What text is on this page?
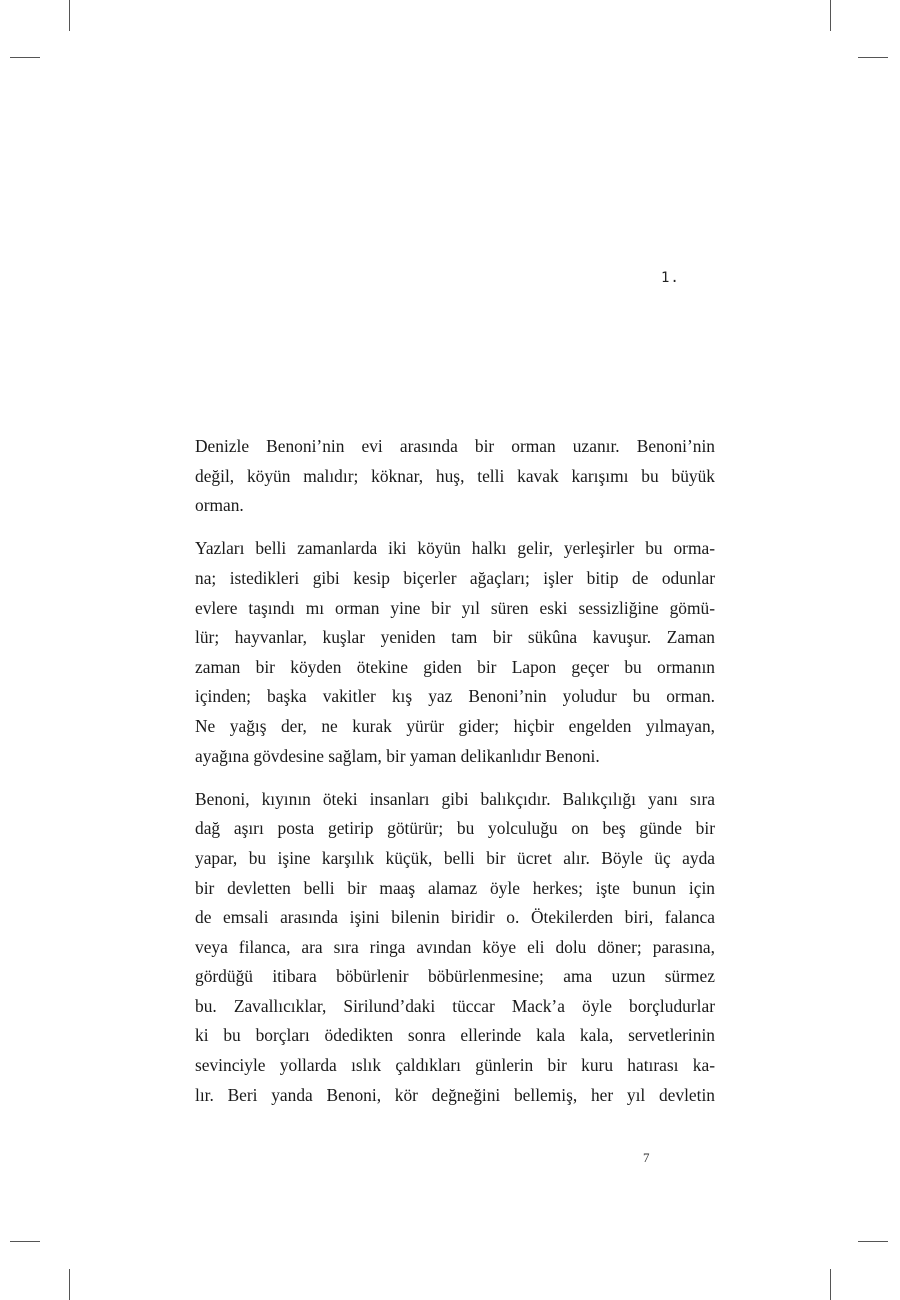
1.

Denizle Benoni’nin evi arasında bir orman uzanır. Benoni’nin
değil, köyün malıdır; köknar, huş, telli kavak karışımı bu büyük
orman.

Yazları belli zamanlarda iki köyün halkı gelir, yerleşirler bu orma-
na; istedikleri gibi kesip biçerler ağaçları; işler bitip de odunlar
evlere taşındı mı orman yine bir yıl süren eski sessizliğine gömü-
lür; hayvanlar, kuşlar yeniden tam bir sükûna kavuşur. Zaman
zaman bir köyden ötekine giden bir Lapon geçer bu ormanın
içinden; başka vakitler kış yaz Benoni’nin yoludur bu orman.
Ne yağış der, ne kurak yürür gider; hiçbir engelden yılmayan,
ayağına gövdesine sağlam, bir yaman delikanlıdır Benoni.

Benoni, kıyının öteki insanları gibi balıkçıdır. Balıkçılığı yanı sıra
dağ aşırı posta getirip götürür; bu yolculuğu on beş günde bir
yapar, bu işine karşılık küçük, belli bir ücret alır. Böyle üç ayda
bir devletten belli bir maaş alamaz öyle herkes; işte bunun için
de emsali arasında işini bilenin biridir o. Ötekilerden biri, falanca
veya filanca, ara sıra ringa avından köye eli dolu döner; parasına,
gördüğü itibara böbürlenir böbürlenmesine; ama uzun sürmez
bu. Zavallıcıklar, Sirilund’daki tüccar Mack’a öyle borçludurlar
ki bu borçları ödedikten sonra ellerinde kala kala, servetlerinin
sevinciyle yollarda ıslık çaldıkları günlerin bir kuru hatırası ka-
lır. Beri yanda Benoni, kör değneğini bellemiş, her yıl devletin

7
